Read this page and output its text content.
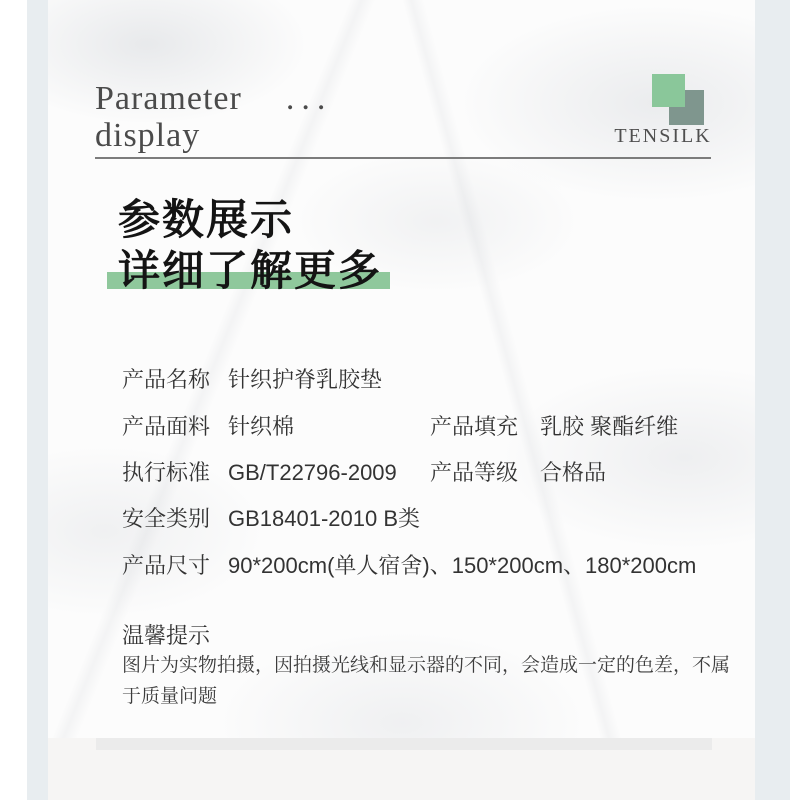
Parameter ...
display	TENSILK
参数展示
详细了解更多
产品名称 针织护脊乳胶垫
产品面料 针织棉
执行标准 GB/T22796-2009
安全类别 GB18401-2010 B类
产品尺寸 90*200cm(单人宿舍)、150*200cm、180*200cm
产品填充 乳胶 聚酯纤维
产品等级 合格品
温馨提示
图片为实物拍摄，因拍摄光线和显示器的不同，会造成一定的色差，不属于质量问题
